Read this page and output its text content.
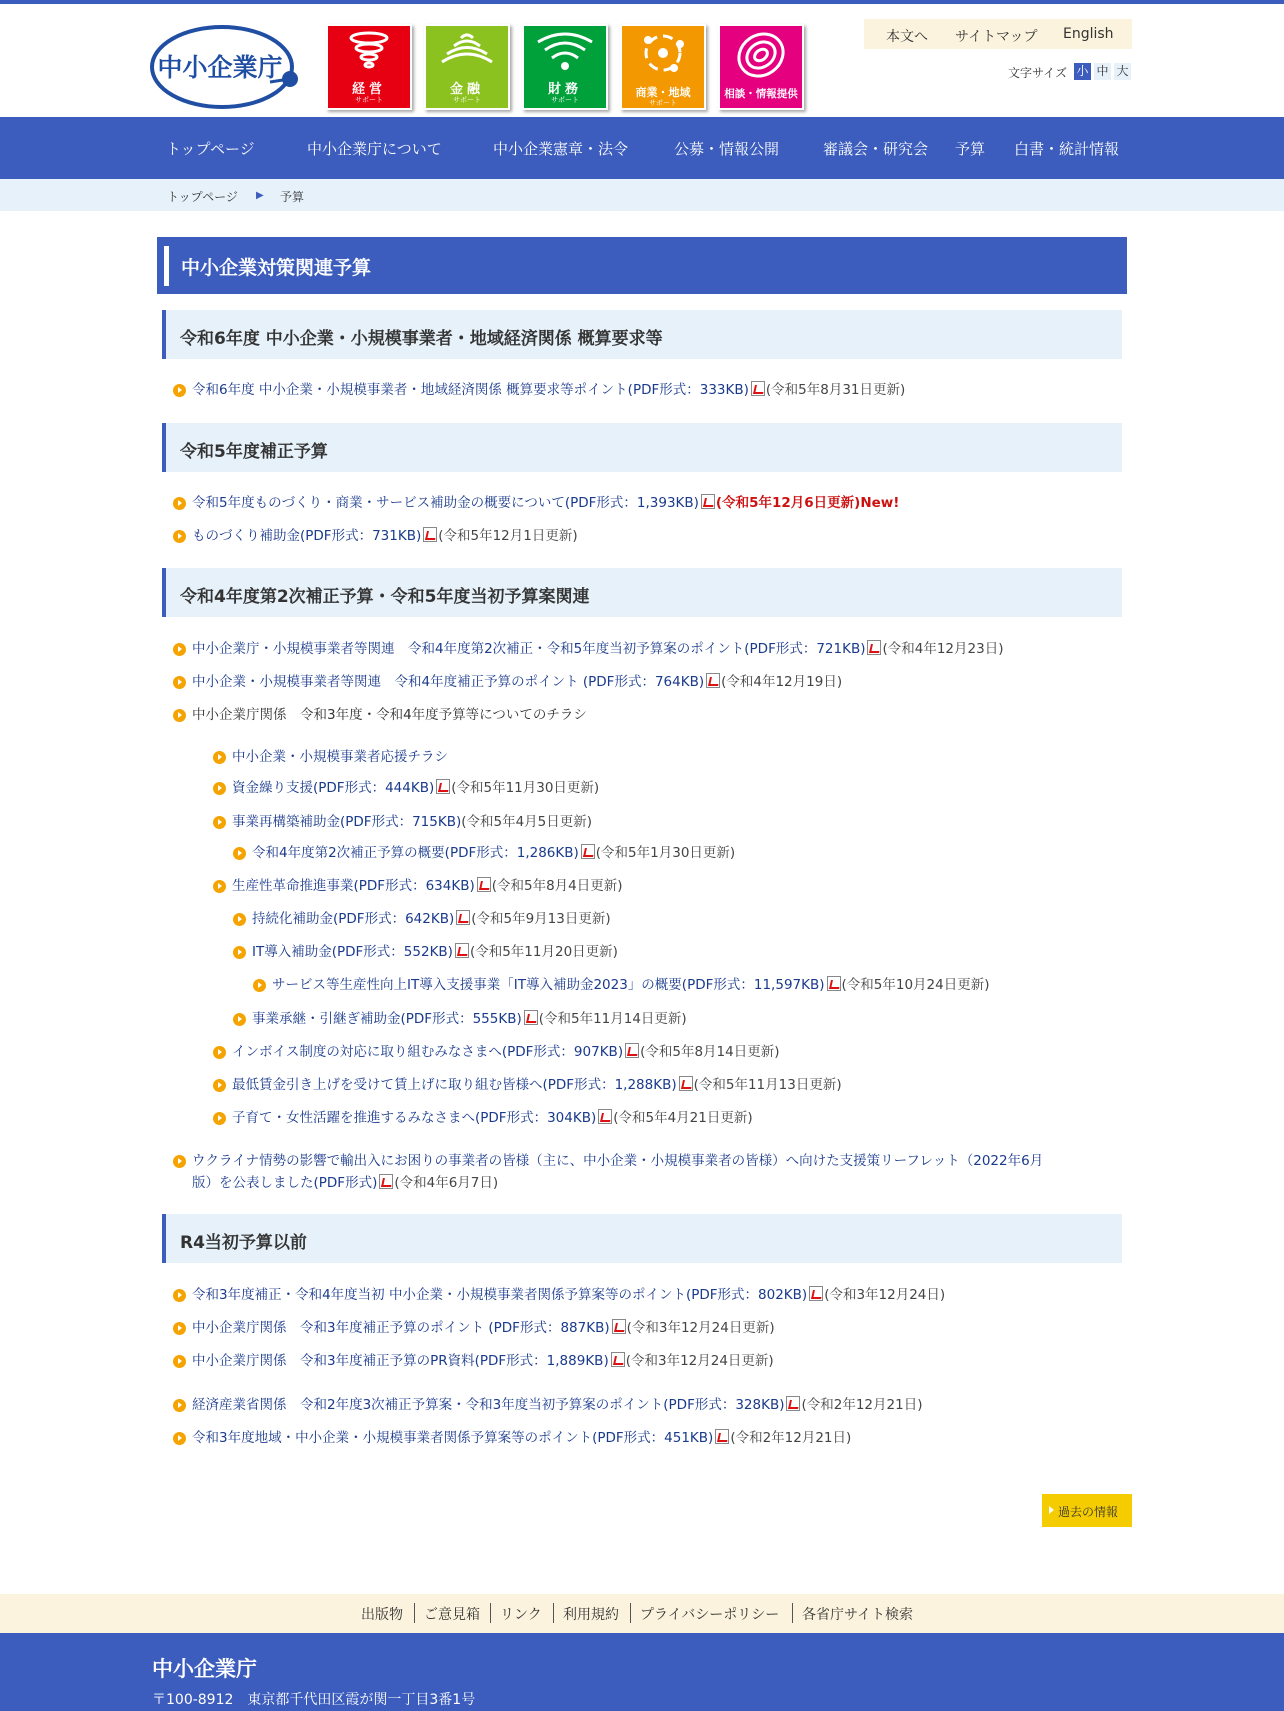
中小企業庁
経営
サポート
金融
サポート
財務
サポート
商業・地域
サポート
相談・情報提供
本文へ サイトマップ English
文字サイズ 小 中 大
トップページ	中小企業庁について	中小企業憲章・法令	公募・情報公開	審議会・研究会 予算 白書・統計情報
トップページ ▶ 予算
中小企業対策関連予算
令和6年度 中小企業・小規模事業者・地域経済関係 概算要求等
令和6年度 中小企業・小規模事業者・地域経済関係 概算要求等ポイント(PDF形式：333KB) (令和5年8月31日更新)
令和5年度補正予算
令和5年度ものづくり・商業・サービス補助金の概要について(PDF形式：1,393KB) (令和5年12月6日更新)New!
ものづくり補助金(PDF形式：731KB) (令和5年12月1日更新)
令和4年度第2次補正予算・令和5年度当初予算案関連
中小企業庁・小規模事業者等関連　令和4年度第2次補正・令和5年度当初予算案のポイント(PDF形式：721KB) (令和4年12月23日)
中小企業・小規模事業者等関連　令和4年度補正予算のポイント (PDF形式：764KB) (令和4年12月19日)
中小企業庁関係　令和3年度・令和4年度予算等についてのチラシ
中小企業・小規模事業者応援チラシ
資金繰り支援(PDF形式：444KB) (令和5年11月30日更新)
事業再構築補助金(PDF形式：715KB)(令和5年4月5日更新)
令和4年度第2次補正予算の概要(PDF形式：1,286KB) (令和5年1月30日更新)
生産性革命推進事業(PDF形式：634KB) (令和5年8月4日更新)
持続化補助金(PDF形式：642KB) (令和5年9月13日更新)
IT導入補助金(PDF形式：552KB) (令和5年11月20日更新)
サービス等生産性向上IT導入支援事業「IT導入補助金2023」の概要(PDF形式：11,597KB) (令和5年10月24日更新)
事業承継・引継ぎ補助金(PDF形式：555KB) (令和5年11月14日更新)
インボイス制度の対応に取り組むみなさまへ(PDF形式：907KB) (令和5年8月14日更新)
最低賃金引き上げを受けて賃上げに取り組む皆様へ(PDF形式：1,288KB) (令和5年11月13日更新)
子育て・女性活躍を推進するみなさまへ(PDF形式：304KB) (令和5年4月21日更新)
ウクライナ情勢の影響で輸出入にお困りの事業者の皆様（主に、中小企業・小規模事業者の皆様）へ向けた支援策リーフレット（2022年6月
版）を公表しました(PDF形式) (令和4年6月7日)
R4当初予算以前
令和3年度補正・令和4年度当初 中小企業・小規模事業者関係予算案等のポイント(PDF形式：802KB) (令和3年12月24日)
中小企業庁関係　令和3年度補正予算のポイント (PDF形式：887KB) (令和3年12月24日更新)
中小企業庁関係　令和3年度補正予算のPR資料(PDF形式：1,889KB) (令和3年12月24日更新)
経済産業省関係　令和2年度3次補正予算案・令和3年度当初予算案のポイント(PDF形式：328KB) (令和2年12月21日)
令和3年度地域・中小企業・小規模事業者関係予算案等のポイント(PDF形式：451KB) (令和2年12月21日)
過去の情報
出版物 ご意見箱 リンク 利用規約 プライバシーポリシー 各省庁サイト検索
中小企業庁
〒100-8912　東京都千代田区霞が関一丁目3番1号
